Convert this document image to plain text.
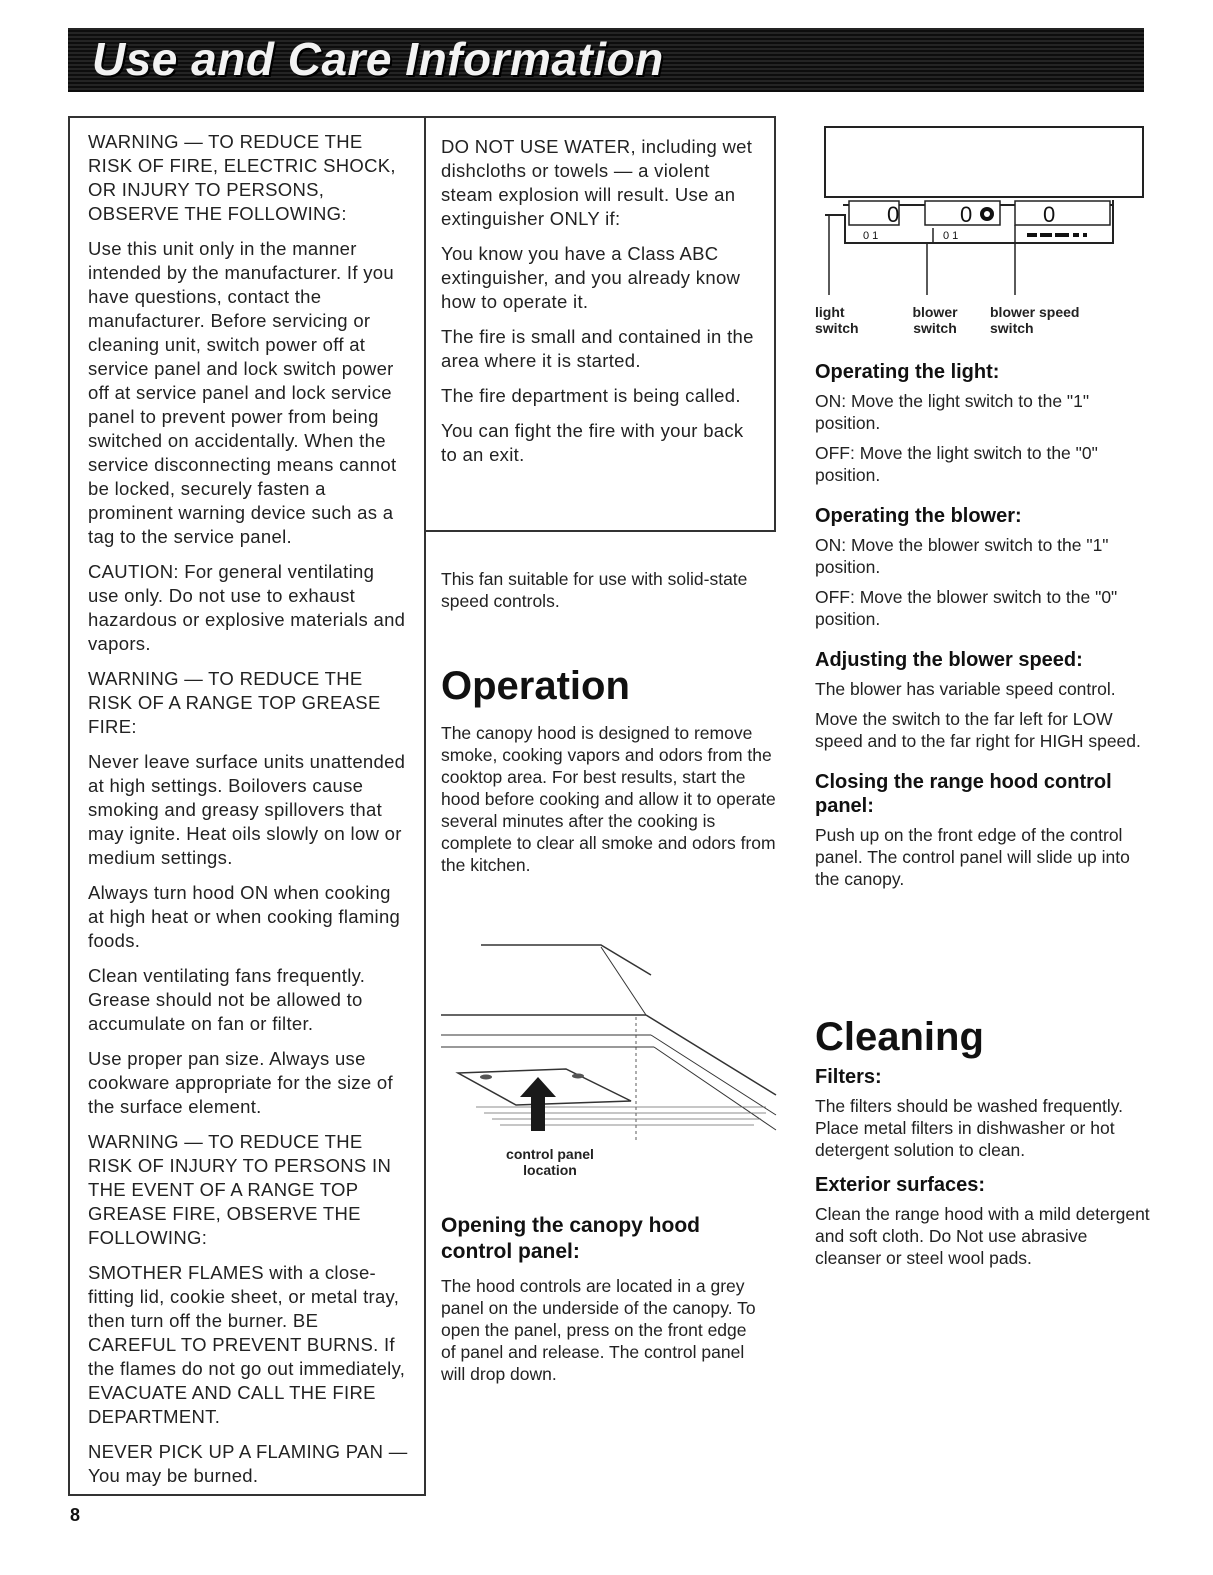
Use and Care Information

WARNING — TO REDUCE THE RISK OF FIRE, ELECTRIC SHOCK, OR INJURY TO PERSONS, OBSERVE THE FOLLOWING:

Use this unit only in the manner intended by the manufacturer. If you have questions, contact the manufacturer. Before servicing or cleaning unit, switch power off at service panel and lock switch power off at service panel and lock service panel to prevent power from being switched on accidentally. When the service disconnecting means cannot be locked, securely fasten a prominent warning device such as a tag to the service panel.

CAUTION: For general ventilating use only. Do not use to exhaust hazardous or explosive materials and vapors.

WARNING — TO REDUCE THE RISK OF A RANGE TOP GREASE FIRE:

Never leave surface units unattended at high settings. Boilovers cause smoking and greasy spillovers that may ignite. Heat oils slowly on low or medium settings.

Always turn hood ON when cooking at high heat or when cooking flaming foods.

Clean ventilating fans frequently. Grease should not be allowed to accumulate on fan or filter.

Use proper pan size. Always use cookware appropriate for the size of the surface element.

WARNING — TO REDUCE THE RISK OF INJURY TO PERSONS IN THE EVENT OF A RANGE TOP GREASE FIRE, OBSERVE THE FOLLOWING:

SMOTHER FLAMES with a close-fitting lid, cookie sheet, or metal tray, then turn off the burner. BE CAREFUL TO PREVENT BURNS. If the flames do not go out immediately, EVACUATE AND CALL THE FIRE DEPARTMENT.

NEVER PICK UP A FLAMING PAN — You may be burned.

DO NOT USE WATER, including wet dishcloths or towels — a violent steam explosion will result. Use an extinguisher ONLY if:

You know you have a Class ABC extinguisher, and you already know how to operate it.

The fire is small and contained in the area where it is started.

The fire department is being called.

You can fight the fire with your back to an exit.

This fan suitable for use with solid-state speed controls.

Operation

The canopy hood is designed to remove smoke, cooking vapors and odors from the cooktop area. For best results, start the hood before cooking and allow it to operate several minutes after the cooking is complete to clear all smoke and odors from the kitchen.

control panel
location
Opening the canopy hood control panel:

The hood controls are located in a grey panel on the underside of the canopy. To open the panel, press on the front edge of panel and release. The control panel will drop down.

0	0	0
0 1	0 1
light
switch
blower
switch
blower speed
switch
Operating the light:

ON: Move the light switch to the "1" position.

OFF: Move the light switch to the "0" position.

Operating the blower:

ON: Move the blower switch to the "1" position.

OFF: Move the blower switch to the "0" position.

Adjusting the blower speed:

The blower has variable speed control.

Move the switch to the far left for LOW speed and to the far right for HIGH speed.

Closing the range hood control panel:

Push up on the front edge of the control panel. The control panel will slide up into the canopy.

Cleaning
Filters:

The filters should be washed frequently. Place metal filters in dishwasher or hot detergent solution to clean.

Exterior surfaces:

Clean the range hood with a mild detergent and soft cloth. Do Not use abrasive cleanser or steel wool pads.

8
